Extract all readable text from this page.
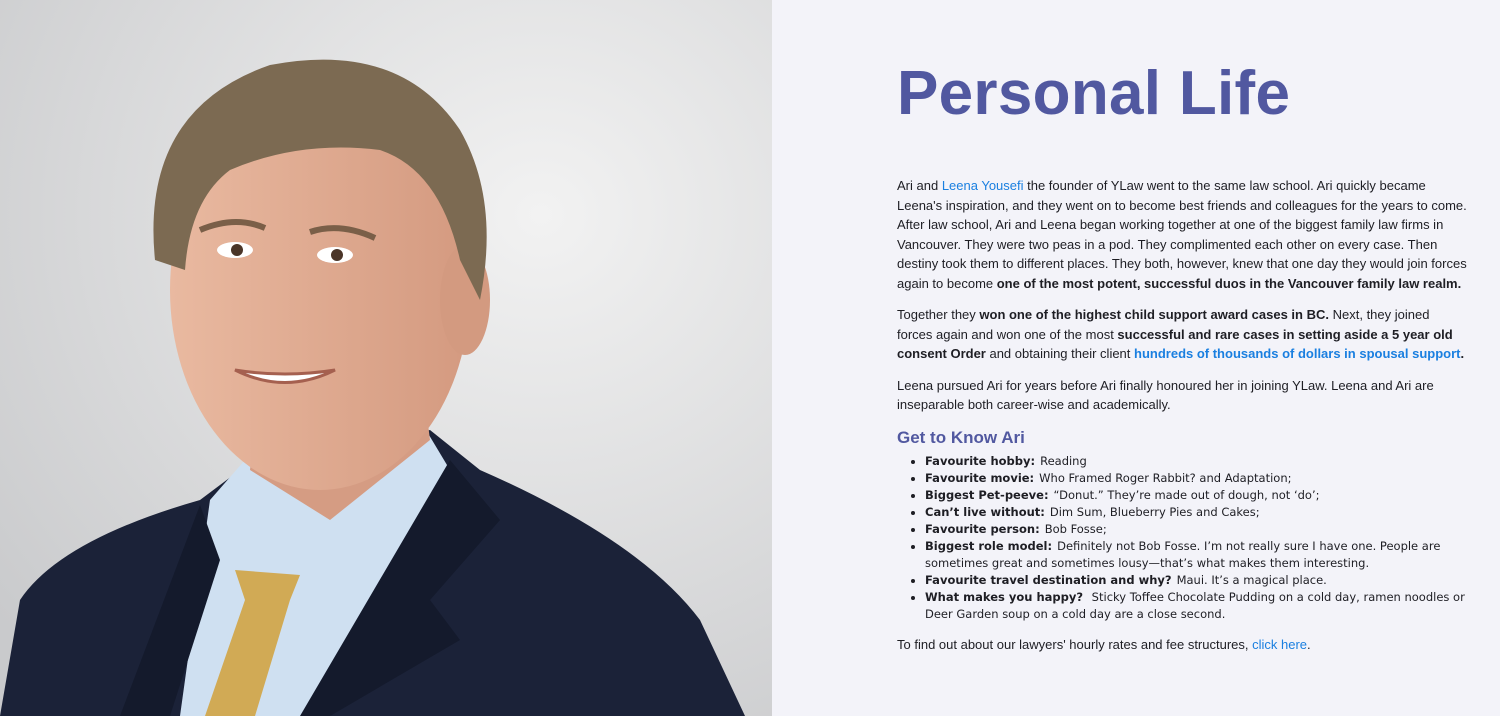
Personal Life

Ari and Leena Yousefi the founder of YLaw went to the same law school. Ari quickly became Leena's inspiration, and they went on to become best friends and colleagues for the years to come. After law school, Ari and Leena began working together at one of the biggest family law firms in Vancouver. They were two peas in a pod. They complimented each other on every case. Then destiny took them to different places. They both, however, knew that one day they would join forces again to become one of the most potent, successful duos in the Vancouver family law realm.

Together they won one of the highest child support award cases in BC. Next, they joined forces again and won one of the most successful and rare cases in setting aside a 5 year old consent Order and obtaining their client hundreds of thousands of dollars in spousal support.

Leena pursued Ari for years before Ari finally honoured her in joining YLaw. Leena and Ari are inseparable both career-wise and academically.

Get to Know Ari
• Favourite hobby: Reading
• Favourite movie: Who Framed Roger Rabbit? and Adaptation;
• Biggest Pet-peeve: “Donut.” They’re made out of dough, not ‘do’;
• Can’t live without: Dim Sum, Blueberry Pies and Cakes;
• Favourite person: Bob Fosse;
• Biggest role model: Definitely not Bob Fosse. I’m not really sure I have one. People are sometimes great and sometimes lousy—that’s what makes them interesting.
• Favourite travel destination and why? Maui. It’s a magical place.
• What makes you happy? Sticky Toffee Chocolate Pudding on a cold day, ramen noodles or Deer Garden soup on a cold day are a close second.

To find out about our lawyers' hourly rates and fee structures, click here.
